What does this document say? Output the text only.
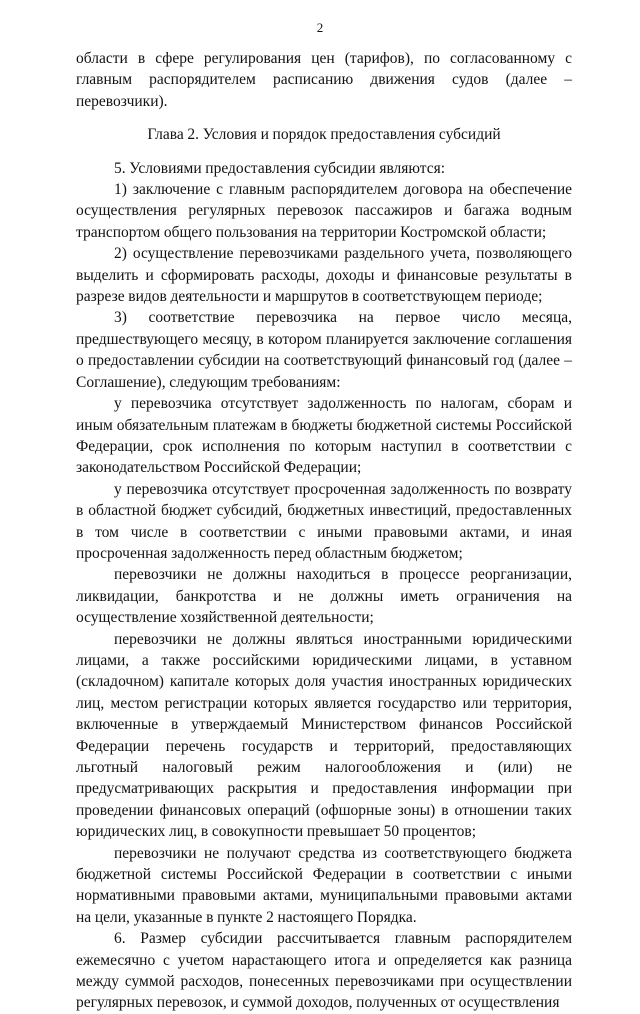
2

области в сфере регулирования цен (тарифов), по согласованному с главным распорядителем расписанию движения судов (далее – перевозчики).

Глава 2. Условия и порядок предоставления субсидий

5. Условиями предоставления субсидии являются:

1) заключение с главным распорядителем договора на обеспечение осуществления регулярных перевозок пассажиров и багажа водным транспортом общего пользования на территории Костромской области;

2) осуществление перевозчиками раздельного учета, позволяющего выделить и сформировать расходы, доходы и финансовые результаты в разрезе видов деятельности и маршрутов в соответствующем периоде;

3) соответствие перевозчика на первое число месяца, предшествующего месяцу, в котором планируется заключение соглашения о предоставлении субсидии на соответствующий финансовый год (далее – Соглашение), следующим требованиям:

у перевозчика отсутствует задолженность по налогам, сборам и иным обязательным платежам в бюджеты бюджетной системы Российской Федерации, срок исполнения по которым наступил в соответствии с законодательством Российской Федерации;

у перевозчика отсутствует просроченная задолженность по возврату в областной бюджет субсидий, бюджетных инвестиций, предоставленных в том числе в соответствии с иными правовыми актами, и иная просроченная задолженность перед областным бюджетом;

перевозчики не должны находиться в процессе реорганизации, ликвидации, банкротства и не должны иметь ограничения на осуществление хозяйственной деятельности;

перевозчики не должны являться иностранными юридическими лицами, а также российскими юридическими лицами, в уставном (складочном) капитале которых доля участия иностранных юридических лиц, местом регистрации которых является государство или территория, включенные в утверждаемый Министерством финансов Российской Федерации перечень государств и территорий, предоставляющих льготный налоговый режим налогообложения и (или) не предусматривающих раскрытия и предоставления информации при проведении финансовых операций (офшорные зоны) в отношении таких юридических лиц, в совокупности превышает 50 процентов;

перевозчики не получают средства из соответствующего бюджета бюджетной системы Российской Федерации в соответствии с иными нормативными правовыми актами, муниципальными правовыми актами на цели, указанные в пункте 2 настоящего Порядка.

6. Размер субсидии рассчитывается главным распорядителем ежемесячно с учетом нарастающего итога и определяется как разница между суммой расходов, понесенных перевозчиками при осуществлении регулярных перевозок, и суммой доходов, полученных от осуществления
